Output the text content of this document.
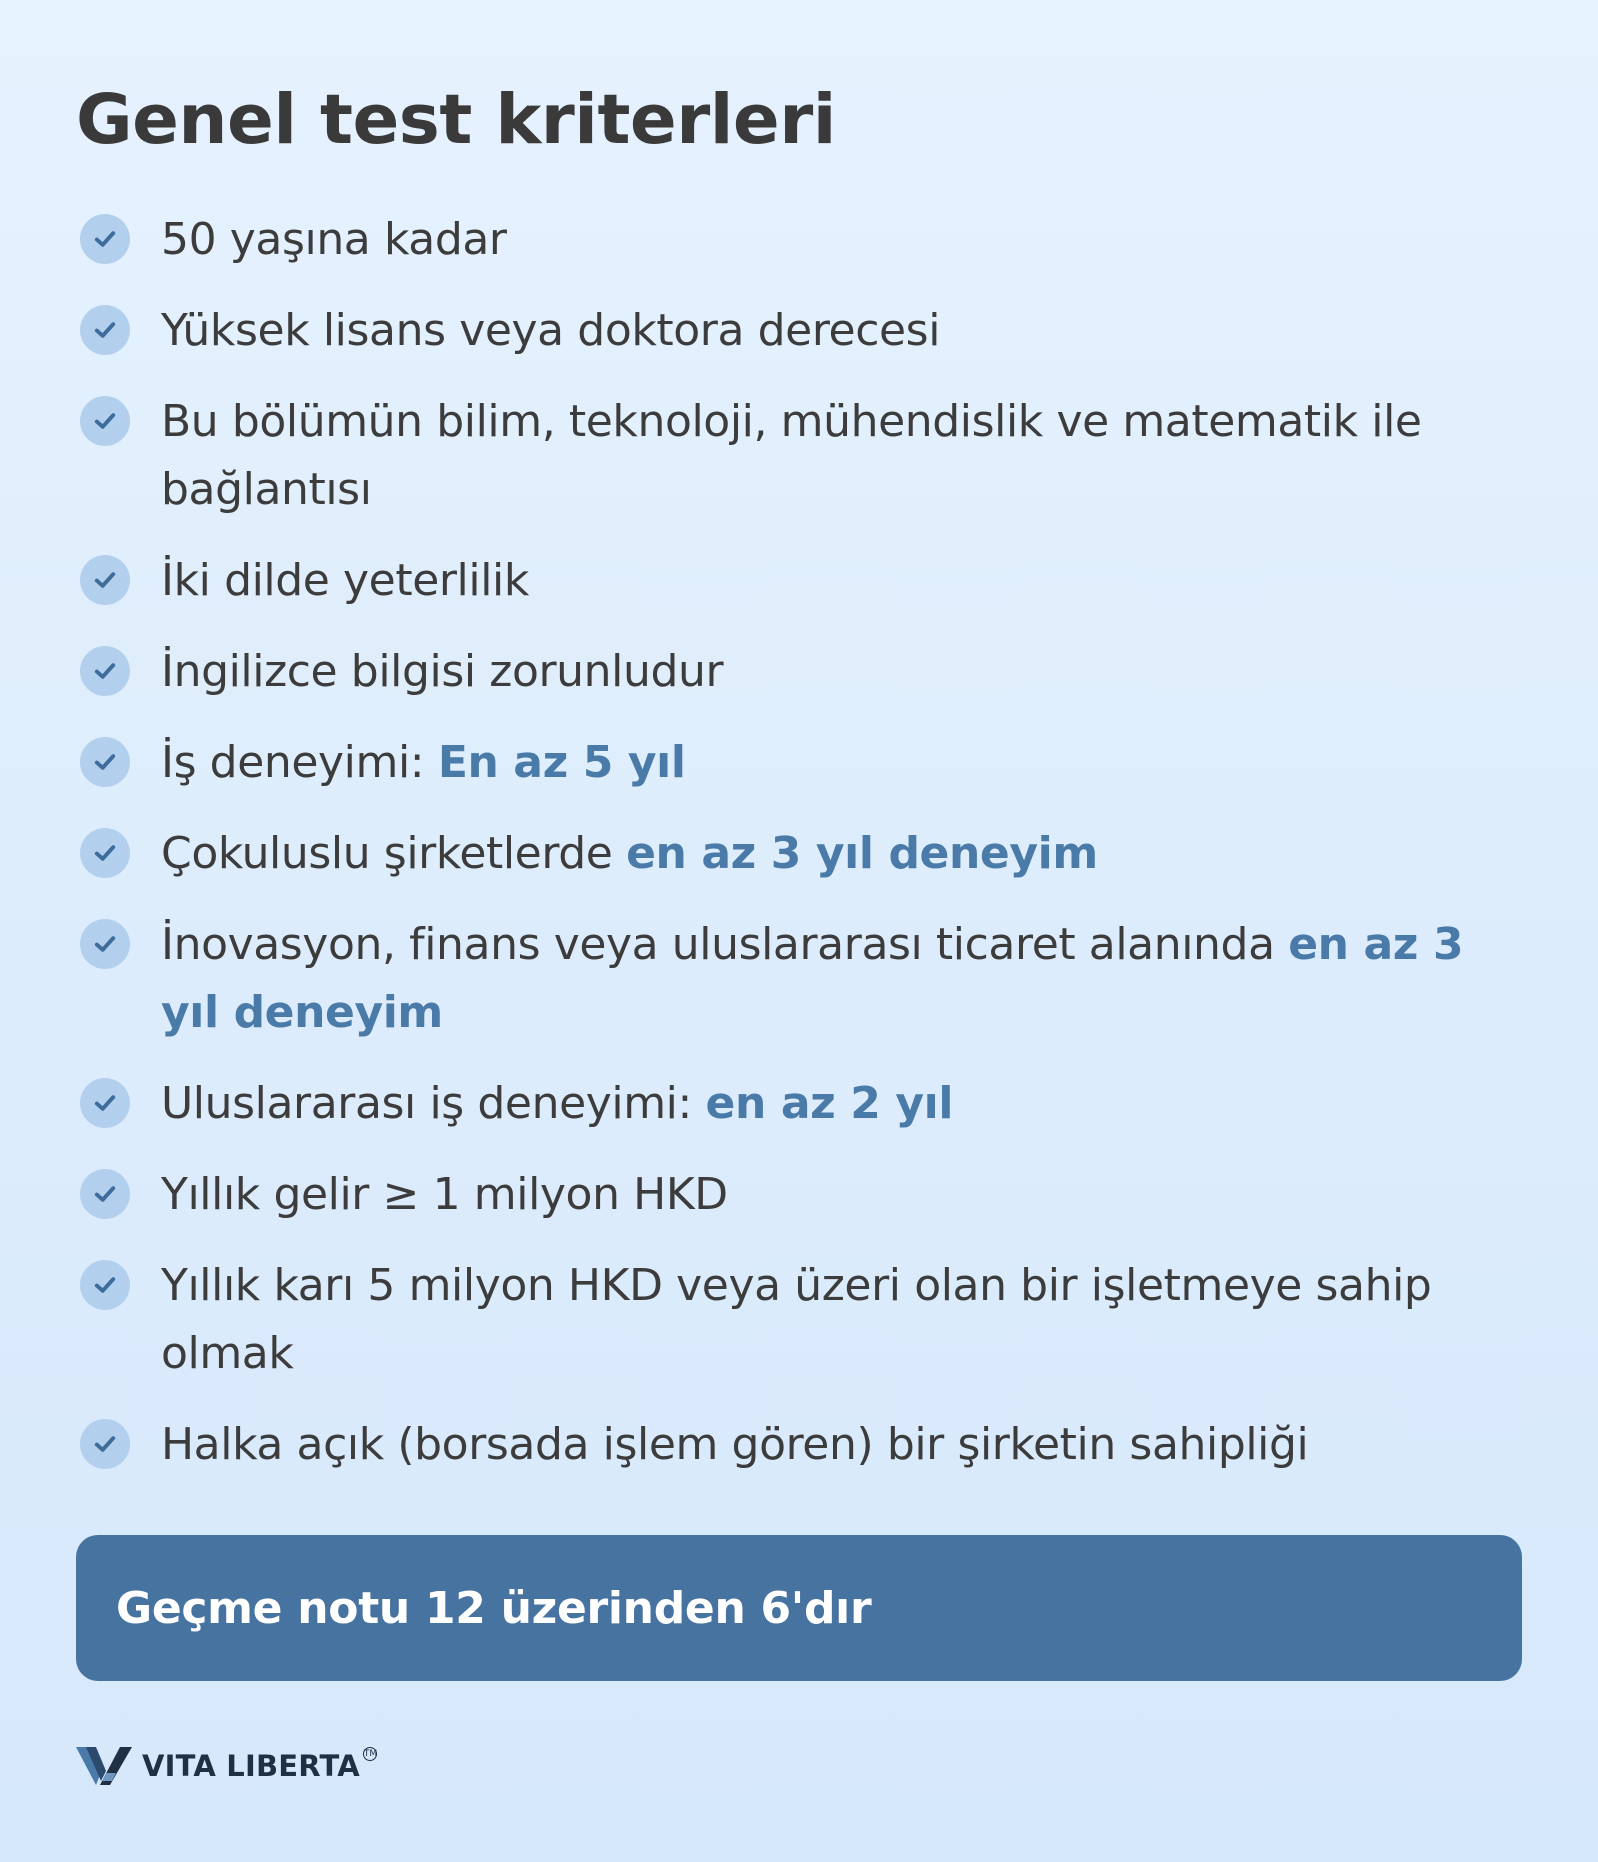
Genel test kriterleri
50 yaşına kadar
Yüksek lisans veya doktora derecesi
Bu bölümün bilim, teknoloji, mühendislik ve matematik ile bağlantısı
İki dilde yeterlilik
İngilizce bilgisi zorunludur
İş deneyimi: En az 5 yıl
Çokuluslu şirketlerde en az 3 yıl deneyim
İnovasyon, finans veya uluslararası ticaret alanında en az 3 yıl deneyim
Uluslararası iş deneyimi: en az 2 yıl
Yıllık gelir ≥ 1 milyon HKD
Yıllık karı 5 milyon HKD veya üzeri olan bir işletmeye sahip olmak
Halka açık (borsada işlem gören) bir şirketin sahipliği
Geçme notu 12 üzerinden 6'dır
VITA LIBERTA TM
